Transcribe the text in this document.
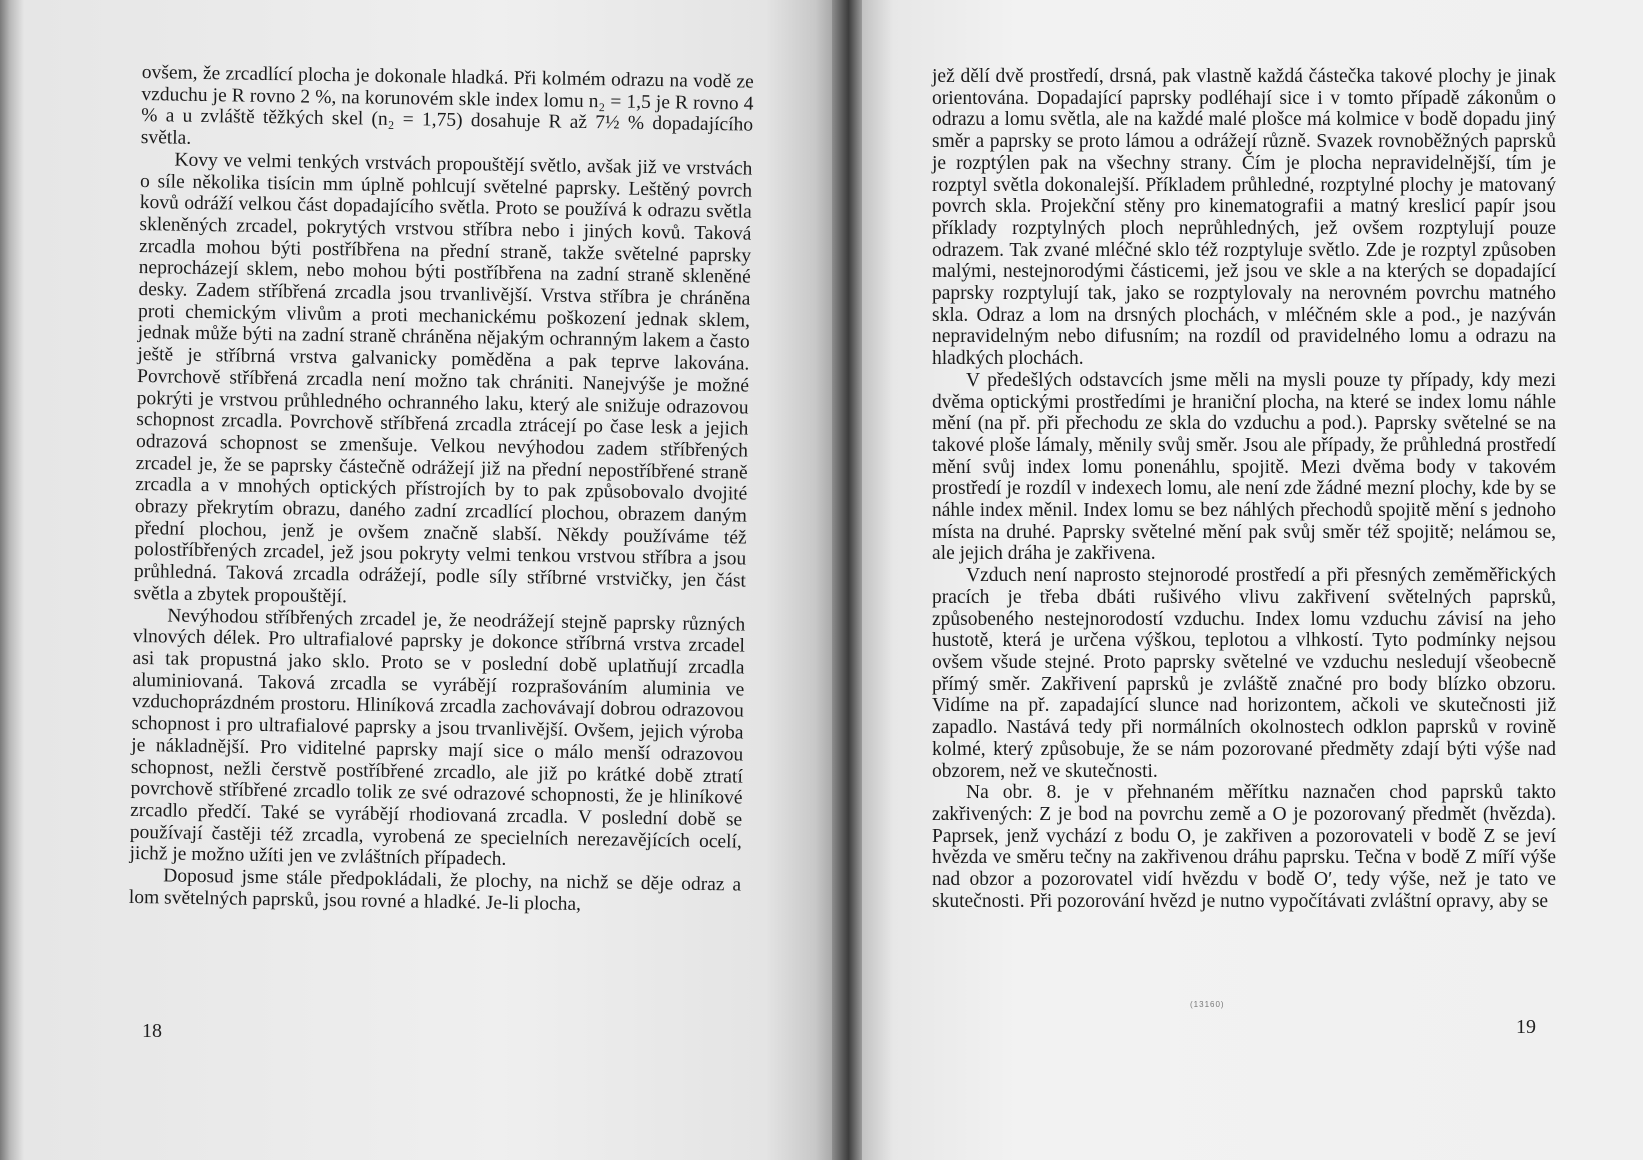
ovšem, že zrcadlící plocha je dokonale hladká. Při kolmém odrazu na vodě ze vzduchu je R rovno 2 %, na korunovém skle index lomu n₂ = 1,5 je R rovno 4 % a u zvláště těžkých skel (n₂ = 1,75) dosahuje R až 7½ % dopadajícího světla.

Kovy ve velmi tenkých vrstvách propouštějí světlo, avšak již ve vrstvách o síle několika tisícin mm úplně pohlcují světelné paprsky. Leštěný povrch kovů odráží velkou část dopadajícího světla. Proto se používá k odrazu světla skleněných zrcadel, pokrytých vrstvou stříbra nebo i jiných kovů. Taková zrcadla mohou býti postříbřena na přední straně, takže světelné paprsky neprocházejí sklem, nebo mohou býti postříbřena na zadní straně skleněné desky. Zadem stříbřená zrcadla jsou trvanlivější. Vrstva stříbra je chráněna proti chemickým vlivům a proti mechanickému poškození jednak sklem, jednak může býti na zadní straně chráněna nějakým ochranným lakem a často ještě je stříbrná vrstva galvanicky poměděna a pak teprve lakována. Povrchově stříbřená zrcadla není možno tak chrániti. Nanejvýše je možné pokrýti je vrstvou průhledného ochranného laku, který ale snižuje odrazovou schopnost zrcadla. Povrchově stříbřená zrcadla ztrácejí po čase lesk a jejich odrazová schopnost se zmenšuje. Velkou nevýhodou zadem stříbřených zrcadel je, že se paprsky částečně odrážejí již na přední nepostříbřené straně zrcadla a v mnohých optických přístrojích by to pak způsobovalo dvojité obrazy překrytím obrazu, daného zadní zrcadlící plochou, obrazem daným přední plochou, jenž je ovšem značně slabší. Někdy používáme též polostříbřených zrcadel, jež jsou pokryty velmi tenkou vrstvou stříbra a jsou průhledná. Taková zrcadla odrážejí, podle síly stříbrné vrstvičky, jen část světla a zbytek propouštějí.

Nevýhodou stříbřených zrcadel je, že neodrážejí stejně paprsky různých vlnových délek. Pro ultrafialové paprsky je dokonce stříbrná vrstva zrcadel asi tak propustná jako sklo. Proto se v poslední době uplatňují zrcadla aluminiovaná. Taková zrcadla se vyrábějí rozprašováním aluminia ve vzduchoprázdném prostoru. Hliníková zrcadla zachovávají dobrou odrazovou schopnost i pro ultrafialové paprsky a jsou trvanlivější. Ovšem, jejich výroba je nákladnější. Pro viditelné paprsky mají sice o málo menší odrazovou schopnost, nežli čerstvě postříbřené zrcadlo, ale již po krátké době ztratí povrchově stříbřené zrcadlo tolik ze své odrazové schopnosti, že je hliníkové zrcadlo předčí. Také se vyrábějí rhodiovaná zrcadla. V poslední době se používají častěji též zrcadla, vyrobená ze specielních nerezavějících ocelí, jichž je možno užíti jen ve zvláštních případech.

Doposud jsme stále předpokládali, že plochy, na nichž se děje odraz a lom světelných paprsků, jsou rovné a hladké. Je-li plocha,

18

jež dělí dvě prostředí, drsná, pak vlastně každá částečka takové plochy je jinak orientována. Dopadající paprsky podléhají sice i v tomto případě zákonům o odrazu a lomu světla, ale na každé malé plošce má kolmice v bodě dopadu jiný směr a paprsky se proto lámou a odrážejí různě. Svazek rovnoběžných paprsků je rozptýlen pak na všechny strany. Čím je plocha nepravidelnější, tím je rozptyl světla dokonalejší. Příkladem průhledné, rozptylné plochy je matovaný povrch skla. Projekční stěny pro kinematografii a matný kreslicí papír jsou příklady rozptylných ploch neprůhledných, jež ovšem rozptylují pouze odrazem. Tak zvané mléčné sklo též rozptyluje světlo. Zde je rozptyl způsoben malými, nestejnorodými částicemi, jež jsou ve skle a na kterých se dopadající paprsky rozptylují tak, jako se rozptylovaly na nerovném povrchu matného skla. Odraz a lom na drsných plochách, v mléčném skle a pod., je nazýván nepravidelným nebo difusním; na rozdíl od pravidelného lomu a odrazu na hladkých plochách.

V předešlých odstavcích jsme měli na mysli pouze ty případy, kdy mezi dvěma optickými prostředími je hraniční plocha, na které se index lomu náhle mění (na př. při přechodu ze skla do vzduchu a pod.). Paprsky světelné se na takové ploše lámaly, měnily svůj směr. Jsou ale případy, že průhledná prostředí mění svůj index lomu ponenáhlu, spojitě. Mezi dvěma body v takovém prostředí je rozdíl v indexech lomu, ale není zde žádné mezní plochy, kde by se náhle index měnil. Index lomu se bez náhlých přechodů spojitě mění s jednoho místa na druhé. Paprsky světelné mění pak svůj směr též spojitě; nelámou se, ale jejich dráha je zakřivena.

Vzduch není naprosto stejnorodé prostředí a při přesných zeměměřických pracích je třeba dbáti rušivého vlivu zakřivení světelných paprsků, způsobeného nestejnorodostí vzduchu. Index lomu vzduchu závisí na jeho hustotě, která je určena výškou, teplotou a vlhkostí. Tyto podmínky nejsou ovšem všude stejné. Proto paprsky světelné ve vzduchu nesledují všeobecně přímý směr. Zakřivení paprsků je zvláště značné pro body blízko obzoru. Vidíme na př. zapadající slunce nad horizontem, ačkoli ve skutečnosti již zapadlo. Nastává tedy při normálních okolnostech odklon paprsků v rovině kolmé, který způsobuje, že se nám pozorované předměty zdají býti výše nad obzorem, než ve skutečnosti.

Na obr. 8. je v přehnaném měřítku naznačen chod paprsků takto zakřivených: Z je bod na povrchu země a O je pozorovaný předmět (hvězda). Paprsek, jenž vychází z bodu O, je zakřiven a pozorovateli v bodě Z se jeví hvězda ve směru tečny na zakřivenou dráhu paprsku. Tečna v bodě Z míří výše nad obzor a pozorovatel vidí hvězdu v bodě O′, tedy výše, než je tato ve skutečnosti. Při pozorování hvězd je nutno vypočítávati zvláštní opravy, aby se

(13160)
19
